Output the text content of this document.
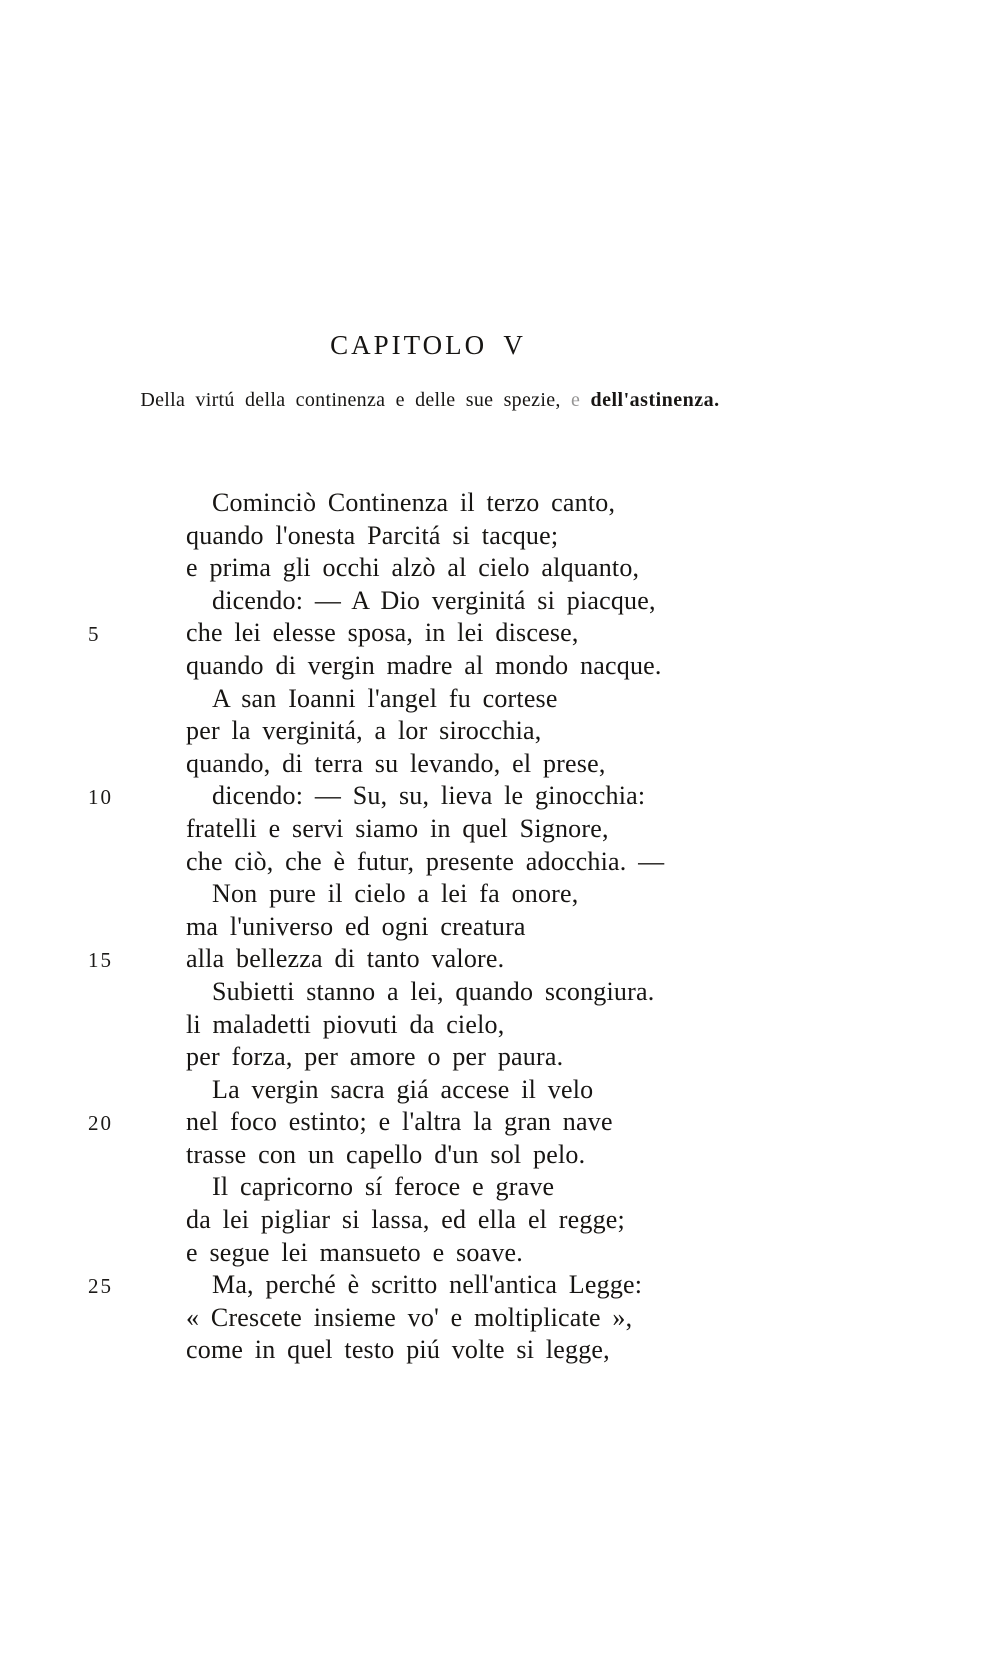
CAPITOLO V

Della virtú della continenza e delle sue spezie, e dell'astinenza.

Cominciò Continenza il terzo canto,
quando l'onesta Parcitá si tacque;
e prima gli occhi alzò al cielo alquanto,
dicendo: — A Dio verginitá si piacque,
5	che lei elesse sposa, in lei discese,
quando di vergin madre al mondo nacque.
A san Ioanni l'angel fu cortese
per la verginitá, a lor sirocchia,
quando, di terra su levando, el prese,
10	dicendo: — Su, su, lieva le ginocchia:
fratelli e servi siamo in quel Signore,
che ciò, che è futur, presente adocchia. —
Non pure il cielo a lei fa onore,
ma l'universo ed ogni creatura
15	alla bellezza di tanto valore.
Subietti stanno a lei, quando scongiura.
li maladetti piovuti da cielo,
per forza, per amore o per paura.
La vergin sacra giá accese il velo
20	nel foco estinto; e l'altra la gran nave
trasse con un capello d'un sol pelo.
Il capricorno sí feroce e grave
da lei pigliar si lassa, ed ella el regge;
e segue lei mansueto e soave.
25	Ma, perché è scritto nell'antica Legge:
« Crescete insieme vo' e moltiplicate »,
come in quel testo piú volte si legge,
